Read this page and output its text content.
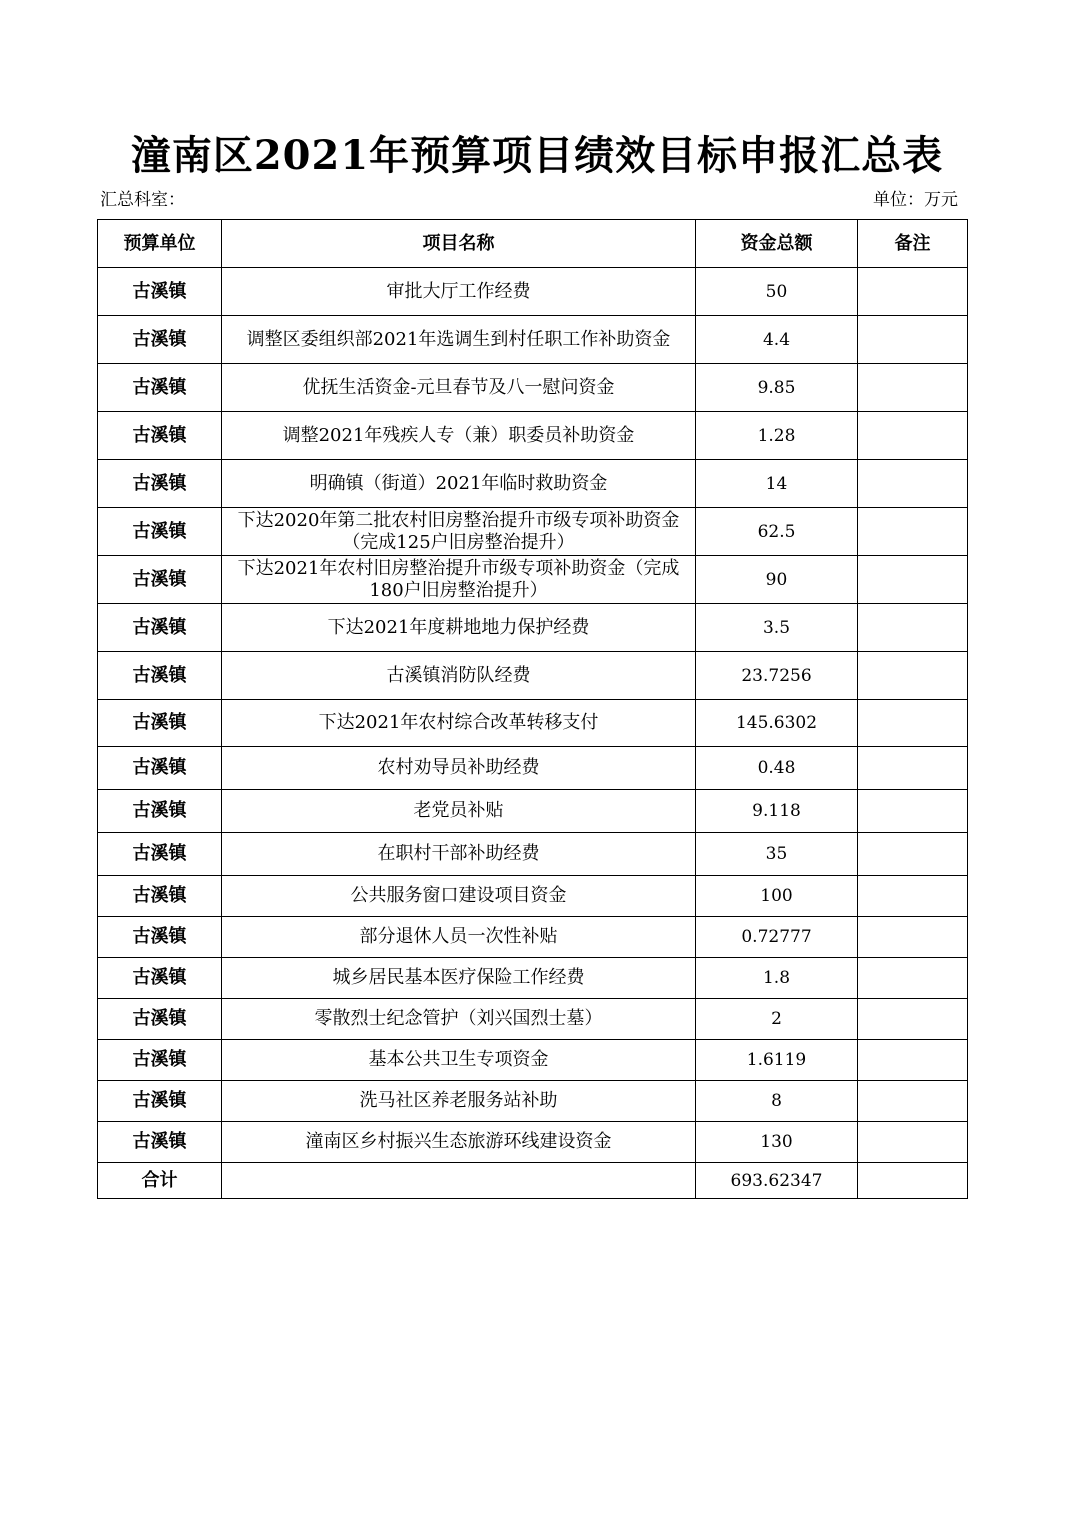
潼南区2021年预算项目绩效目标申报汇总表
汇总科室：	单位：万元
预算单位	项目名称	资金总额	备注
古溪镇	审批大厅工作经费	50	
古溪镇	调整区委组织部2021年选调生到村任职工作补助资金	4.4	
古溪镇	优抚生活资金-元旦春节及八一慰问资金	9.85	
古溪镇	调整2021年残疾人专（兼）职委员补助资金	1.28	
古溪镇	明确镇（街道）2021年临时救助资金	14	
古溪镇	下达2020年第二批农村旧房整治提升市级专项补助资金（完成125户旧房整治提升）	62.5	
古溪镇	下达2021年农村旧房整治提升市级专项补助资金（完成180户旧房整治提升）	90	
古溪镇	下达2021年度耕地地力保护经费	3.5	
古溪镇	古溪镇消防队经费	23.7256	
古溪镇	下达2021年农村综合改革转移支付	145.6302	
古溪镇	农村劝导员补助经费	0.48	
古溪镇	老党员补贴	9.118	
古溪镇	在职村干部补助经费	35	
古溪镇	公共服务窗口建设项目资金	100	
古溪镇	部分退休人员一次性补贴	0.72777	
古溪镇	城乡居民基本医疗保险工作经费	1.8	
古溪镇	零散烈士纪念管护（刘兴国烈士墓）	2	
古溪镇	基本公共卫生专项资金	1.6119	
古溪镇	洗马社区养老服务站补助	8	
古溪镇	潼南区乡村振兴生态旅游环线建设资金	130	
合计		693.62347	
